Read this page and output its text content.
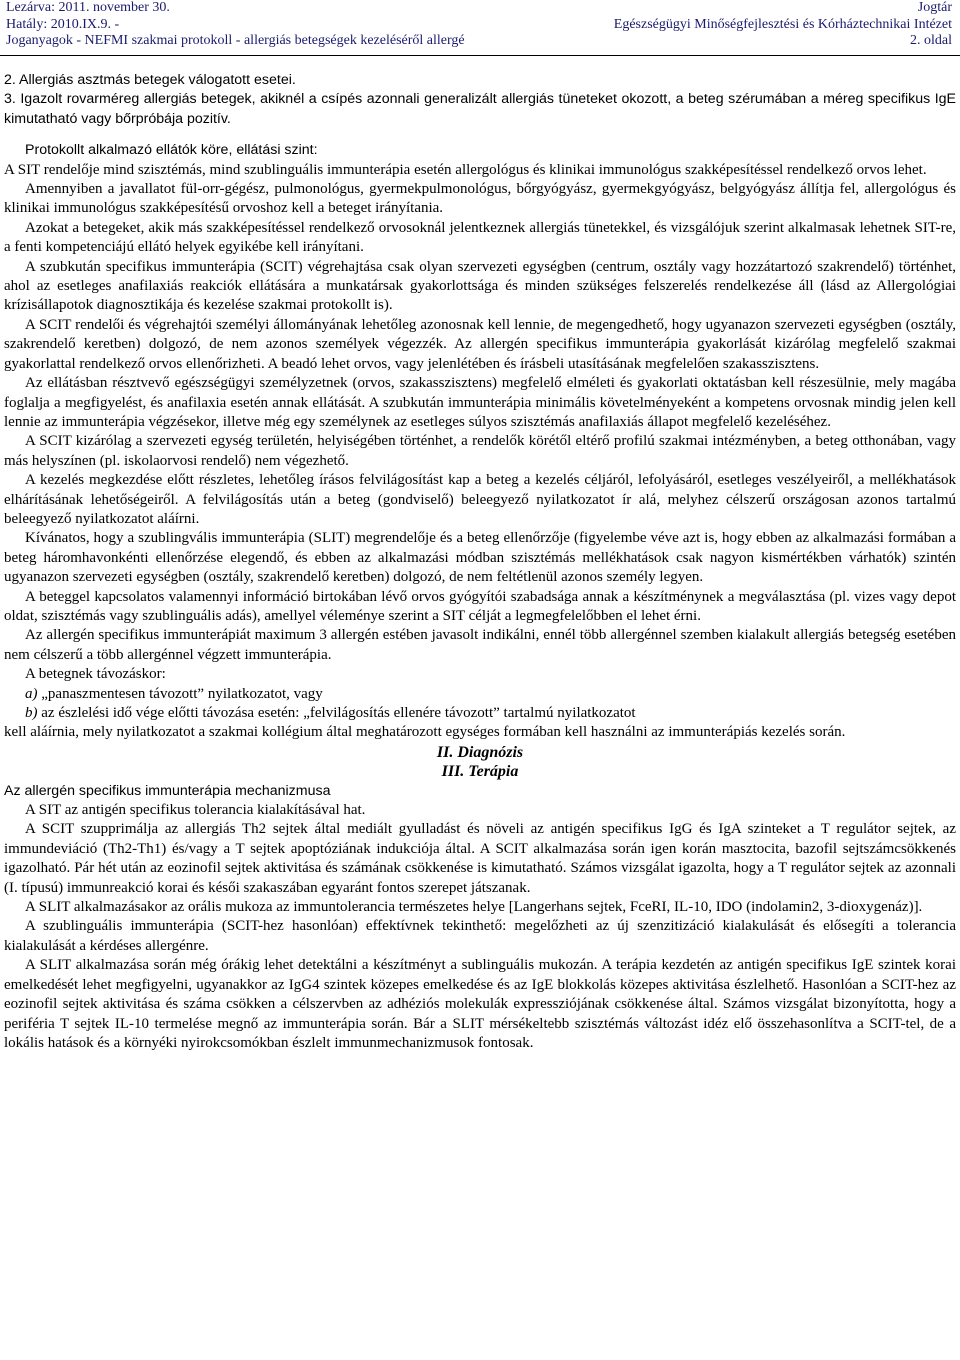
Lezárva: 2011. november 30.
Hatály: 2010.IX.9. -
Joganyagok - NEFMI szakmai protokoll - allergiás betegségek kezeléséről allergé
Jogtár
Egészségügyi Minőségfejlesztési és Kórháztechnikai Intézet
2. oldal

2. Allergiás asztmás betegek válogatott esetei.

3. Igazolt rovarméreg allergiás betegek, akiknél a csípés azonnali generalizált allergiás tüneteket okozott, a beteg szérumában a méreg specifikus IgE kimutatható vagy bőrpróbája pozitív.

Protokollt alkalmazó ellátók köre, ellátási szint:

A SIT rendelője mind szisztémás, mind szublinguális immunterápia esetén allergológus és klinikai immunológus szakképesítéssel rendelkező orvos lehet.

Amennyiben a javallatot fül-orr-gégész, pulmonológus, gyermekpulmonológus, bőrgyógyász, gyermekgyógyász, belgyógyász állítja fel, allergológus és klinikai immunológus szakképesítésű orvoshoz kell a beteget irányítania.

Azokat a betegeket, akik más szakképesítéssel rendelkező orvosoknál jelentkeznek allergiás tünetekkel, és vizsgálójuk szerint alkalmasak lehetnek SIT-re, a fenti kompetenciájú ellátó helyek egyikébe kell irányítani.

A szubkután specifikus immunterápia (SCIT) végrehajtása csak olyan szervezeti egységben (centrum, osztály vagy hozzátartozó szakrendelő) történhet, ahol az esetleges anafilaxiás reakciók ellátására a munkatársak gyakorlottsága és minden szükséges felszerelés rendelkezése áll (lásd az Allergológiai krízisállapotok diagnosztikája és kezelése szakmai protokollt is).

A SCIT rendelői és végrehajtói személyi állományának lehetőleg azonosnak kell lennie, de megengedhető, hogy ugyanazon szervezeti egységben (osztály, szakrendelő keretben) dolgozó, de nem azonos személyek végezzék. Az allergén specifikus immunterápia gyakorlását kizárólag megfelelő szakmai gyakorlattal rendelkező orvos ellenőrizheti. A beadó lehet orvos, vagy jelenlétében és írásbeli utasításának megfelelően szakasszisztens.

Az ellátásban résztvevő egészségügyi személyzetnek (orvos, szakasszisztens) megfelelő elméleti és gyakorlati oktatásban kell részesülnie, mely magába foglalja a megfigyelést, és anafilaxia esetén annak ellátását. A szubkután immunterápia minimális követelményeként a kompetens orvosnak mindig jelen kell lennie az immunterápia végzésekor, illetve még egy személynek az esetleges súlyos szisztémás anafilaxiás állapot megfelelő kezeléséhez.

A SCIT kizárólag a szervezeti egység területén, helyiségében történhet, a rendelők körétől eltérő profilú szakmai intézményben, a beteg otthonában, vagy más helyszínen (pl. iskolaorvosi rendelő) nem végezhető.

A kezelés megkezdése előtt részletes, lehetőleg írásos felvilágosítást kap a beteg a kezelés céljáról, lefolyásáról, esetleges veszélyeiről, a mellékhatások elhárításának lehetőségeiről. A felvilágosítás után a beteg (gondviselő) beleegyező nyilatkozatot ír alá, melyhez célszerű országosan azonos tartalmú beleegyező nyilatkozatot aláírni.

Kívánatos, hogy a szublingvális immunterápia (SLIT) megrendelője és a beteg ellenőrzője (figyelembe véve azt is, hogy ebben az alkalmazási formában a beteg háromhavonkénti ellenőrzése elegendő, és ebben az alkalmazási módban szisztémás mellékhatások csak nagyon kismértékben várhatók) szintén ugyanazon szervezeti egységben (osztály, szakrendelő keretben) dolgozó, de nem feltétlenül azonos személy legyen.

A beteggel kapcsolatos valamennyi információ birtokában lévő orvos gyógyítói szabadsága annak a készítménynek a megválasztása (pl. vizes vagy depot oldat, szisztémás vagy szublinguális adás), amellyel véleménye szerint a SIT célját a legmegfelelőbben el lehet érni.

Az allergén specifikus immunterápiát maximum 3 allergén estében javasolt indikálni, ennél több allergénnel szemben kialakult allergiás betegség esetében nem célszerű a több allergénnel végzett immunterápia.

A betegnek távozáskor:

a) „panaszmentesen távozott” nyilatkozatot, vagy

b) az észlelési idő vége előtti távozása esetén: „felvilágosítás ellenére távozott” tartalmú nyilatkozatot

kell aláírnia, mely nyilatkozatot a szakmai kollégium által meghatározott egységes formában kell használni az immunterápiás kezelés során.

II. Diagnózis

III. Terápia

Az allergén specifikus immunterápia mechanizmusa

A SIT az antigén specifikus tolerancia kialakításával hat.

A SCIT szupprimálja az allergiás Th2 sejtek által mediált gyulladást és növeli az antigén specifikus IgG és IgA szinteket a T regulátor sejtek, az immundeviáció (Th2-Th1) és/vagy a T sejtek apoptóziának indukciója által. A SCIT alkalmazása során igen korán masztocita, bazofil sejtszámcsökkenés igazolható. Pár hét után az eozinofil sejtek aktivitása és számának csökkenése is kimutatható. Számos vizsgálat igazolta, hogy a T regulátor sejtek az azonnali (I. típusú) immunreakció korai és késői szakaszában egyaránt fontos szerepet játszanak.

A SLIT alkalmazásakor az orális mukoza az immuntolerancia természetes helye [Langerhans sejtek, FceRI, IL-10, IDO (indolamin2, 3-dioxygenáz)].

A szublinguális immunterápia (SCIT-hez hasonlóan) effektívnek tekinthető: megelőzheti az új szenzitizáció kialakulását és elősegíti a tolerancia kialakulását a kérdéses allergénre.

A SLIT alkalmazása során még órákig lehet detektálni a készítményt a sublinguális mukozán. A terápia kezdetén az antigén specifikus IgE szintek korai emelkedését lehet megfigyelni, ugyanakkor az IgG4 szintek közepes emelkedése és az IgE blokkolás közepes aktivitása észlelhető. Hasonlóan a SCIT-hez az eozinofil sejtek aktivitása és száma csökken a célszervben az adhéziós molekulák expressziójának csökkenése által. Számos vizsgálat bizonyította, hogy a periféria T sejtek IL-10 termelése megnő az immunterápia során. Bár a SLIT mérsékeltebb szisztémás változást idéz elő összehasonlítva a SCIT-tel, de a lokális hatások és a környéki nyirokcsomókban észlelt immunmechanizmusok fontosak.
